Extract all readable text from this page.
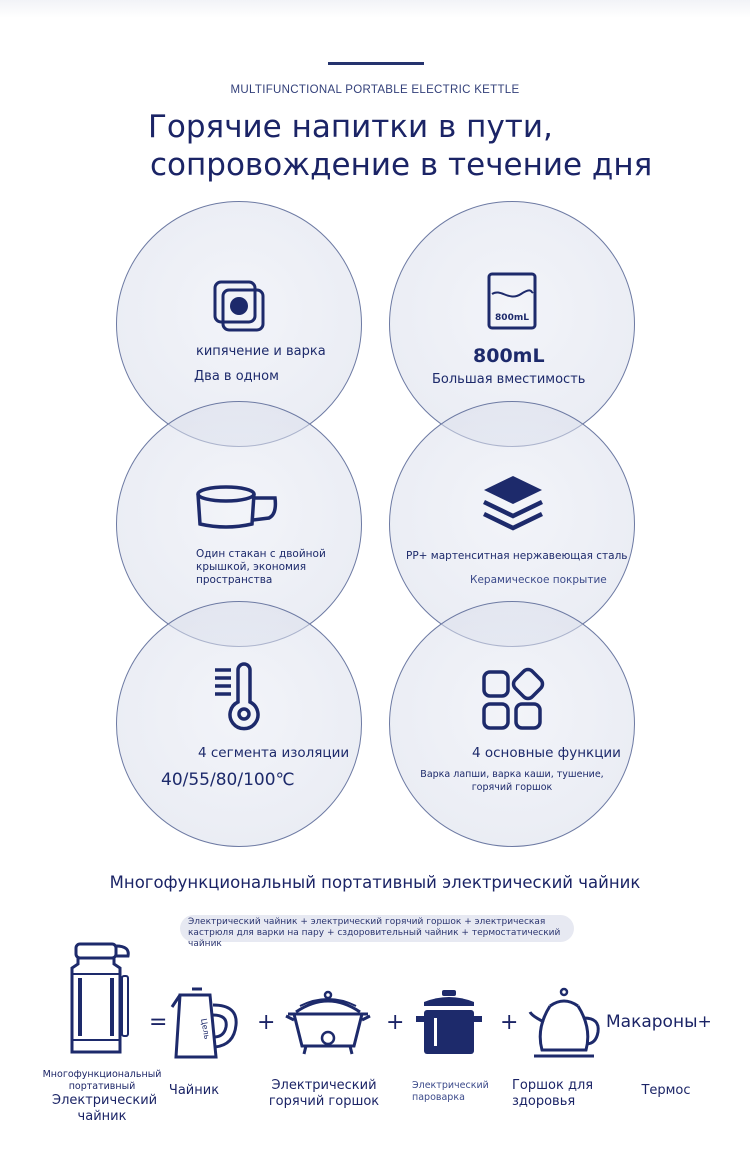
MULTIFUNCTIONAL PORTABLE ELECTRIC KETTLE
Горячие напитки в пути,
сопровождение в течение дня
кипячение и варка
Два в одном
800mL
800mL
Большая вместимость
Один стакан с двойной
крышкой, экономия
пространства
PP+ мартенситная нержавеющая сталь
Керамическое покрытие
4 сегмента изоляции
40/55/80/100℃
4 основные функции
Варка лапши, варка каши, тушение,
горячий горшок
Многофункциональный портативный электрический чайник
Электрический чайник + электрический горячий горшок + электрическая кастрюля для варки на пару + сздоровительный чайник + термостатический чайник
=	Цель +	+	+	Макароны+
Многофункциональный портативный
Электрический чайник
Чайник	Электрический горячий горшок
Электрический пароварка
Горшок для здоровья
Термос
